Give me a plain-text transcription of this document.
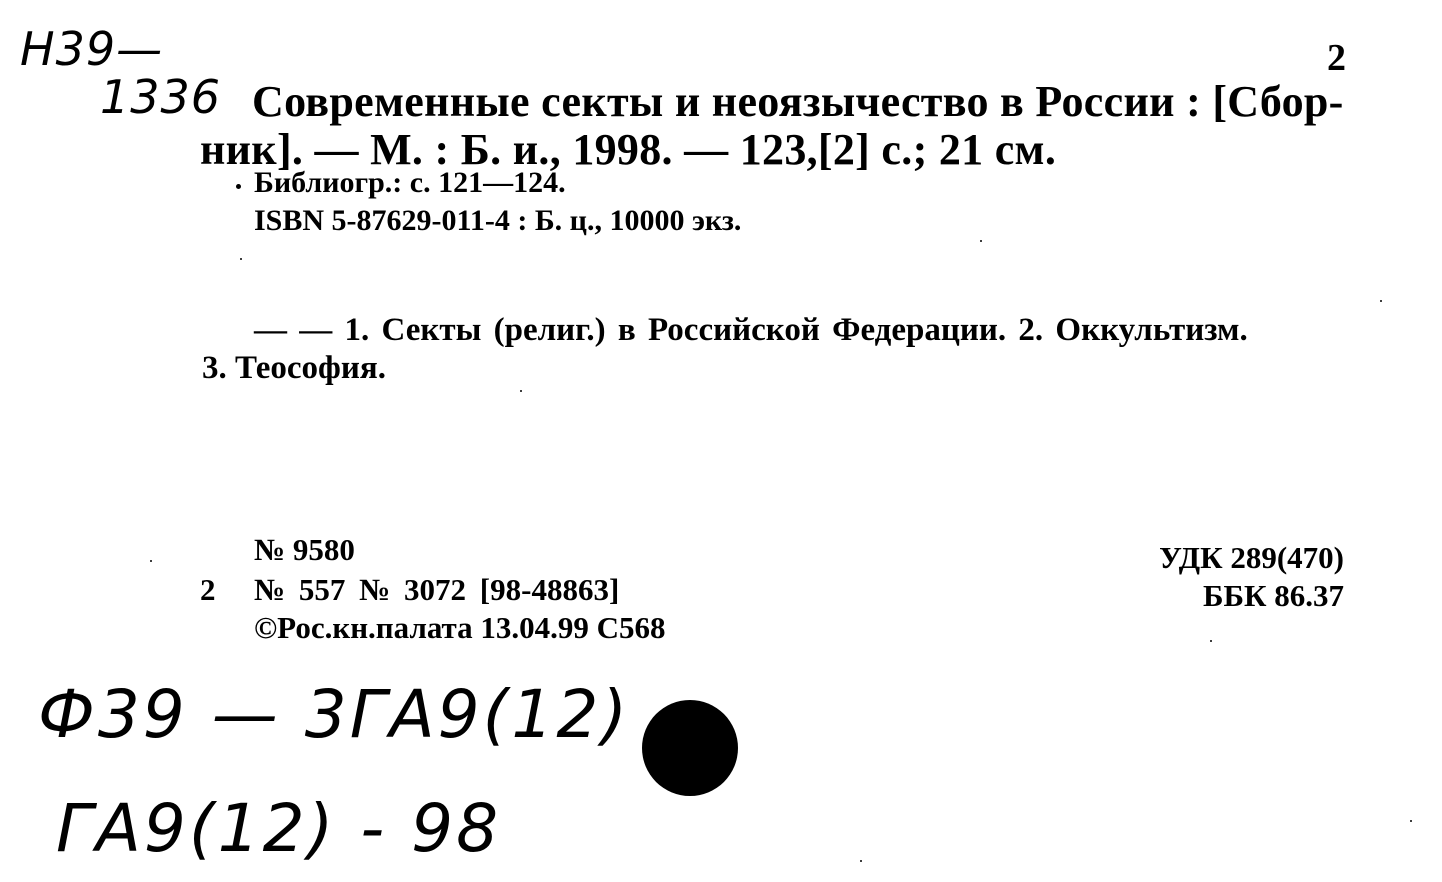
Н39—
1336
2
Современные секты и неоязычество в России : [Сбор-
ник]. — М. : Б. и., 1998. — 123,[2] с.; 21 см.
Библиогр.: с. 121—124.
ISBN 5-87629-011-4 : Б. ц., 10000 экз.
— — 1. Секты (религ.) в Российской Федерации. 2. Оккультизм.
3. Теософия.
№ 9580
2 № 557 № 3072 [98-48863]
©Рос.кн.палата 13.04.99 С568
УДК 289(470)
ББК 86.37
Ф39 — 3ГА9(12)
ГА9(12) - 98
